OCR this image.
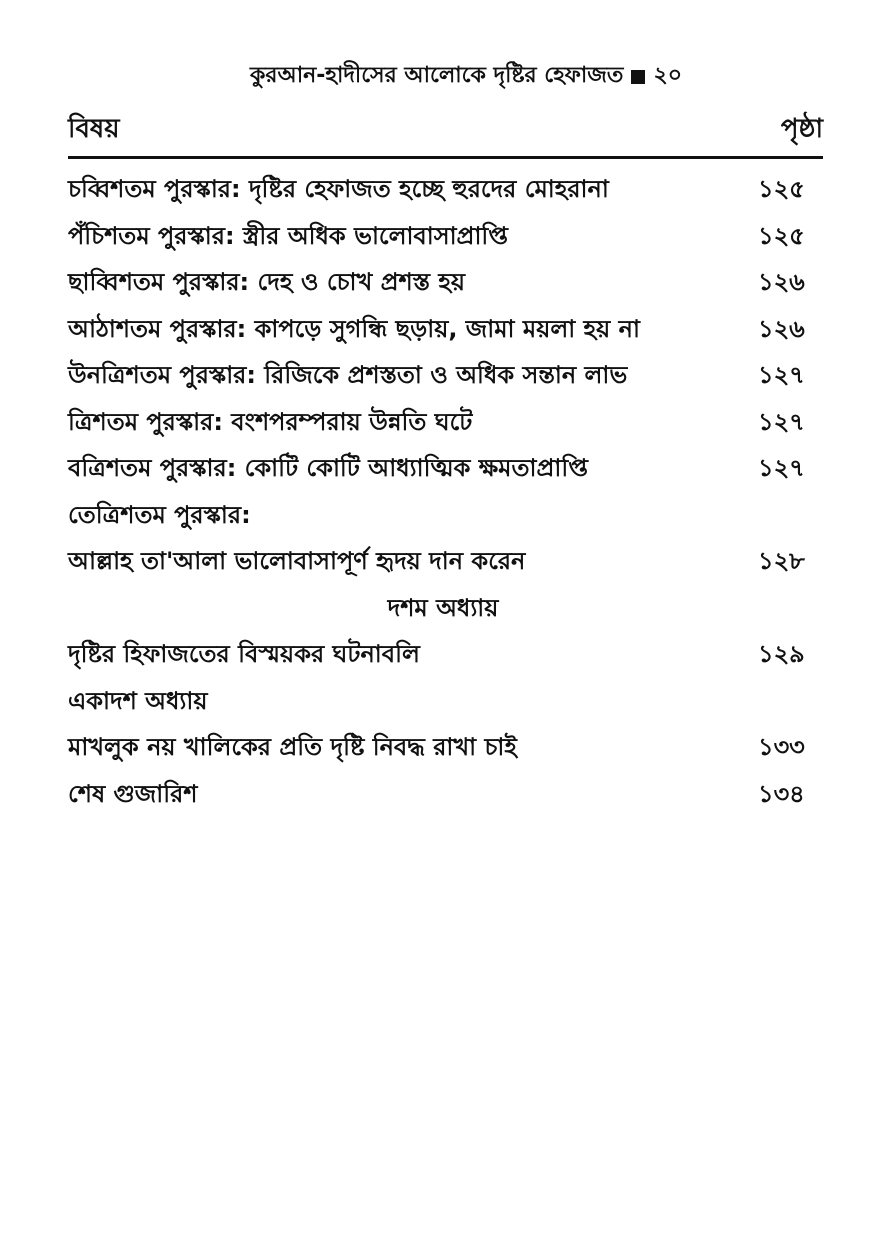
কুরআন-হাদীসের আলোকে দৃষ্টির হেফাজত ২০
বিষয়	পৃষ্ঠা
চব্বিশতম পুরস্কার: দৃষ্টির হেফাজত হচ্ছে হুরদের মোহরানা	১২৫
পঁচিশতম পুরস্কার: স্ত্রীর অধিক ভালোবাসাপ্রাপ্তি	১২৫
ছাব্বিশতম পুরস্কার: দেহ ও চোখ প্রশস্ত হয়	১২৬
আঠাশতম পুরস্কার: কাপড়ে সুগন্ধি ছড়ায়, জামা ময়লা হয় না	১২৬
উনত্রিশতম পুরস্কার: রিজিকে প্রশস্ততা ও অধিক সন্তান লাভ	১২৭
ত্রিশতম পুরস্কার: বংশপরম্পরায় উন্নতি ঘটে	১২৭
বত্রিশতম পুরস্কার: কোটি কোটি আধ্যাত্মিক ক্ষমতাপ্রাপ্তি	১২৭
তেত্রিশতম পুরস্কার:
আল্লাহ তা'আলা ভালোবাসাপূর্ণ হৃদয় দান করেন	১২৮
দশম অধ্যায়
দৃষ্টির হিফাজতের বিস্ময়কর ঘটনাবলি	১২৯
একাদশ অধ্যায়
মাখলুক নয় খালিকের প্রতি দৃষ্টি নিবদ্ধ রাখা চাই	১৩৩
শেষ গুজারিশ	১৩৪
